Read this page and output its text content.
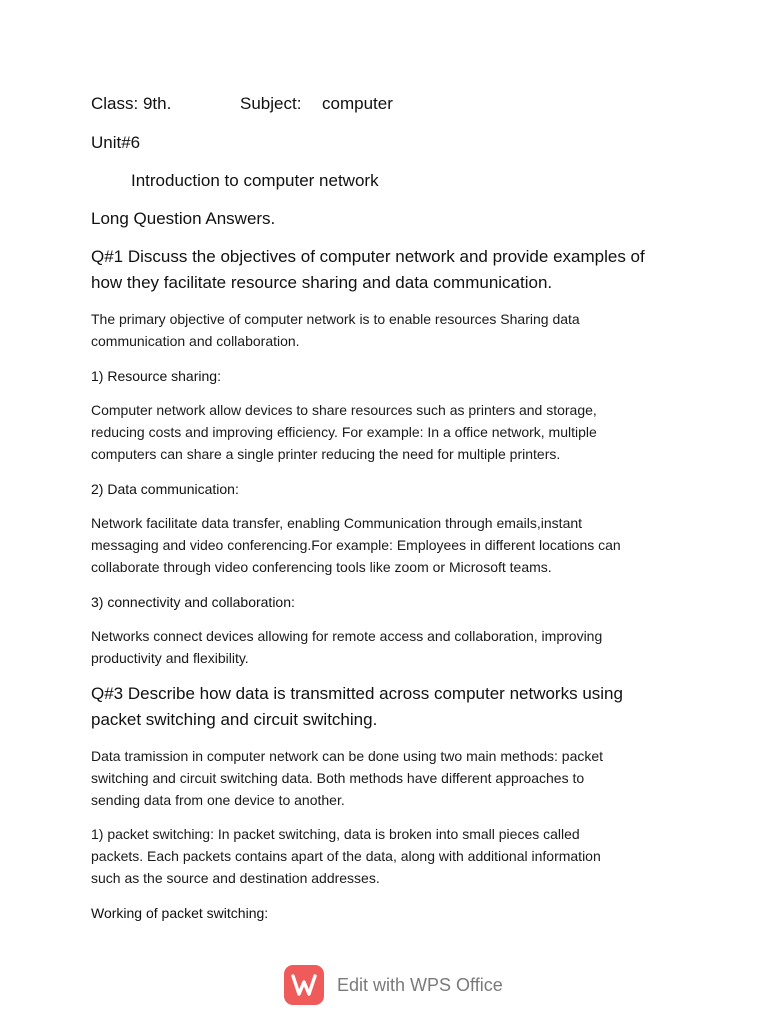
Class: 9th.	Subject: computer
Unit#6
Introduction to computer network
Long Question Answers.
Q#1 Discuss the objectives of computer network and provide examples of
how they facilitate resource sharing and data communication.
The primary objective of computer network is to enable resources Sharing data
communication and collaboration.
1) Resource sharing:
Computer network allow devices to share resources such as printers and storage,
reducing costs and improving efficiency. For example: In a office network, multiple
computers can share a single printer reducing the need for multiple printers.
2) Data communication:
Network facilitate data transfer, enabling Communication through emails,instant
messaging and video conferencing.For example: Employees in different locations can
collaborate through video conferencing tools like zoom or Microsoft teams.
3) connectivity and collaboration:
Networks connect devices allowing for remote access and collaboration, improving
productivity and flexibility.
Q#3 Describe how data is transmitted across computer networks using
packet switching and circuit switching.
Data tramission in computer network can be done using two main methods: packet
switching and circuit switching data. Both methods have different approaches to
sending data from one device to another.
1) packet switching: In packet switching, data is broken into small pieces called
packets. Each packets contains apart of the data, along with additional information
such as the source and destination addresses.
Working of packet switching:
Edit with WPS Office
